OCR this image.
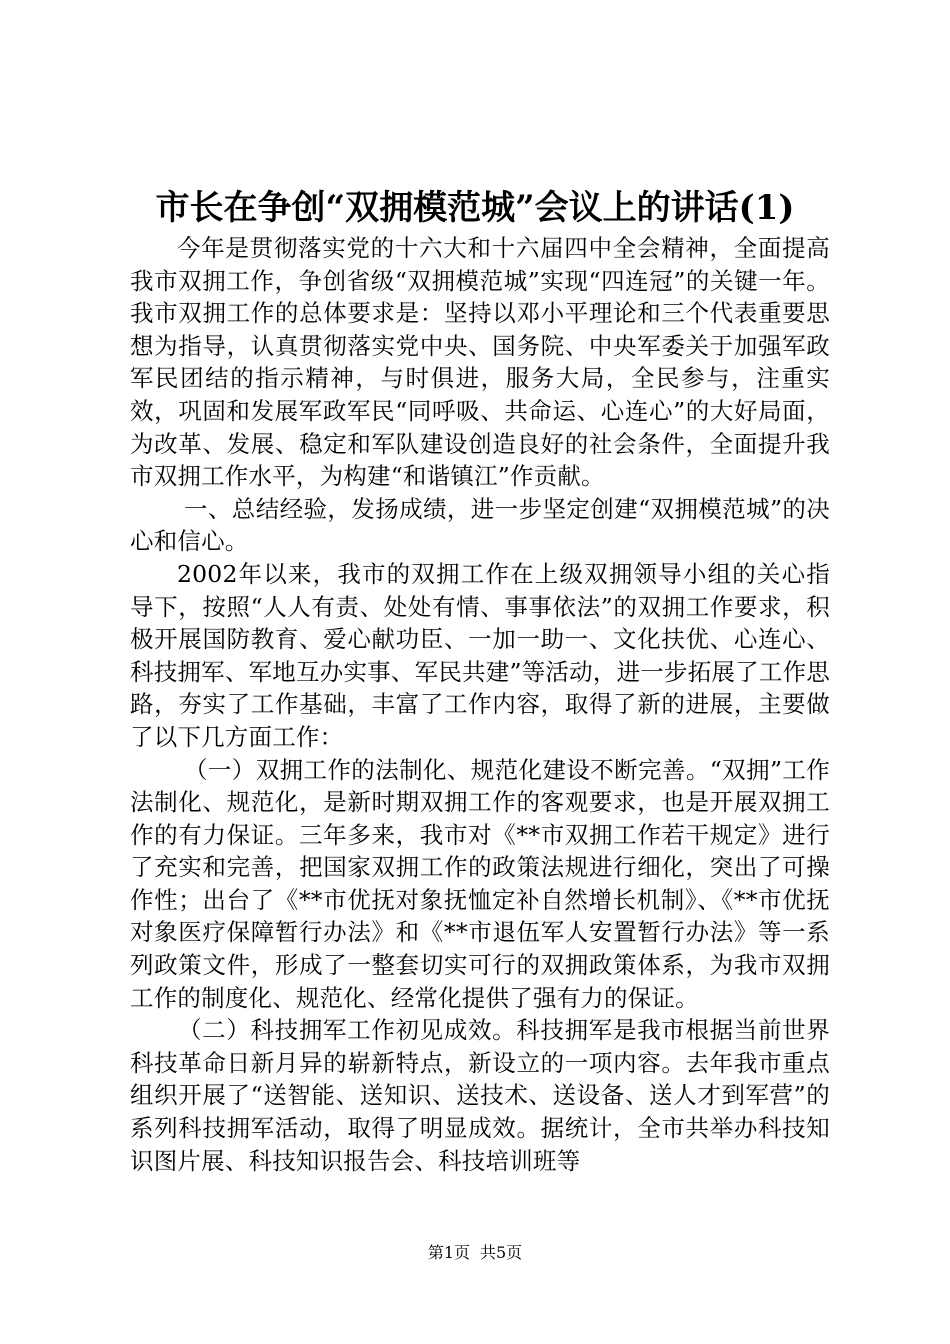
市长在争创“双拥模范城”会议上的讲话(1)

今年是贯彻落实党的十六大和十六届四中全会精神，全面提高我市双拥工作，争创省级“双拥模范城”实现“四连冠”的关键一年。我市双拥工作的总体要求是：坚持以邓小平理论和三个代表重要思想为指导，认真贯彻落实党中央、国务院、中央军委关于加强军政军民团结的指示精神，与时俱进，服务大局，全民参与，注重实效，巩固和发展军政军民“同呼吸、共命运、心连心”的大好局面，为改革、发展、稳定和军队建设创造良好的社会条件，全面提升我市双拥工作水平，为构建“和谐镇江”作贡献。

一、总结经验，发扬成绩，进一步坚定创建“双拥模范城”的决心和信心。

2002年以来，我市的双拥工作在上级双拥领导小组的关心指导下，按照“人人有责、处处有情、事事依法”的双拥工作要求，积极开展国防教育、爱心献功臣、一加一助一、文化扶优、心连心、科技拥军、军地互办实事、军民共建”等活动，进一步拓展了工作思路，夯实了工作基础，丰富了工作内容，取得了新的进展，主要做了以下几方面工作：

（一）双拥工作的法制化、规范化建设不断完善。“双拥”工作法制化、规范化，是新时期双拥工作的客观要求，也是开展双拥工作的有力保证。三年多来，我市对《**市双拥工作若干规定》进行了充实和完善，把国家双拥工作的政策法规进行细化，突出了可操作性；出台了《**市优抚对象抚恤定补自然增长机制》、《**市优抚对象医疗保障暂行办法》和《**市退伍军人安置暂行办法》等一系列政策文件，形成了一整套切实可行的双拥政策体系，为我市双拥工作的制度化、规范化、经常化提供了强有力的保证。

（二）科技拥军工作初见成效。科技拥军是我市根据当前世界科技革命日新月异的崭新特点，新设立的一项内容。去年我市重点组织开展了“送智能、送知识、送技术、送设备、送人才到军营”的系列科技拥军活动，取得了明显成效。据统计，全市共举办科技知识图片展、科技知识报告会、科技培训班等

第1页 共5页
